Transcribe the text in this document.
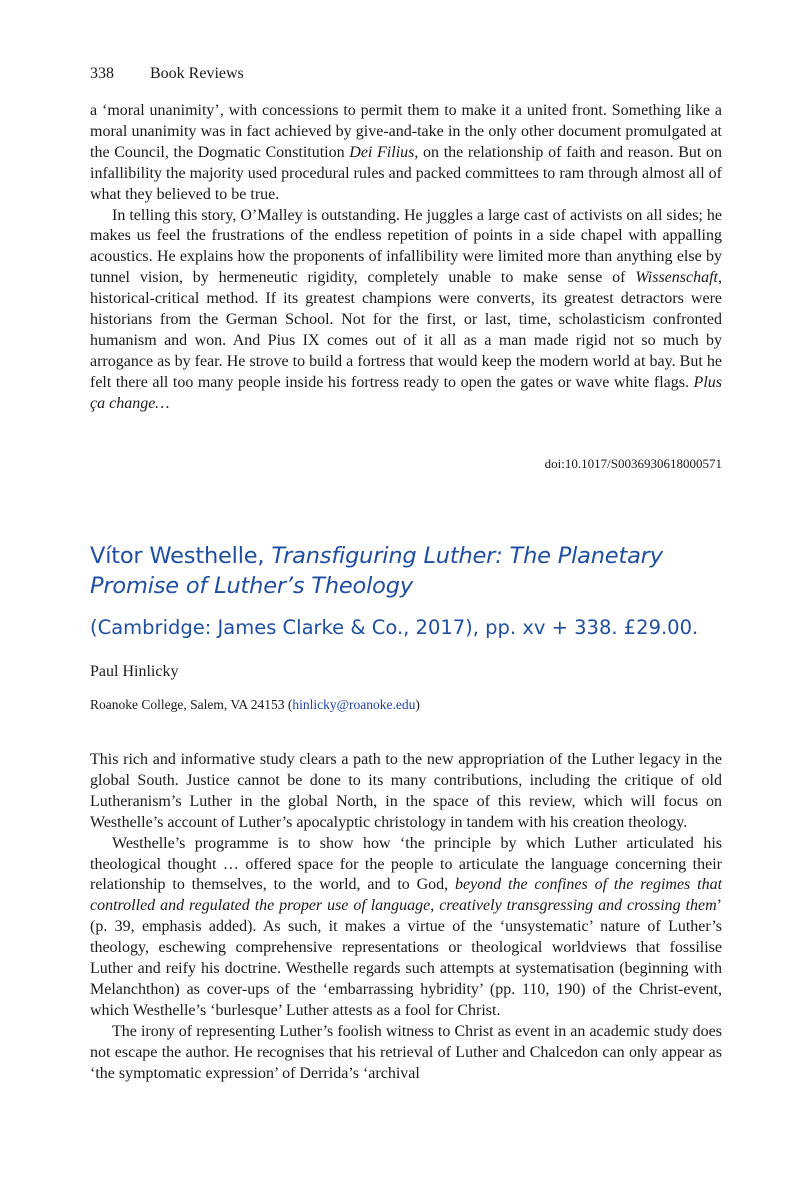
338 Book Reviews

a ‘moral unanimity’, with concessions to permit them to make it a united front. Something like a moral unanimity was in fact achieved by give-and-take in the only other document promulgated at the Council, the Dogmatic Constitution Dei Filius, on the relationship of faith and reason. But on infallibility the majority used procedural rules and packed committees to ram through almost all of what they believed to be true.

In telling this story, O’Malley is outstanding. He juggles a large cast of activists on all sides; he makes us feel the frustrations of the endless repetition of points in a side chapel with appalling acoustics. He explains how the proponents of infallibility were limited more than anything else by tunnel vision, by hermeneutic rigidity, completely unable to make sense of Wissenschaft, historical-critical method. If its greatest champions were converts, its greatest detractors were historians from the German School. Not for the first, or last, time, scholasticism confronted humanism and won. And Pius IX comes out of it all as a man made rigid not so much by arrogance as by fear. He strove to build a fortress that would keep the modern world at bay. But he felt there all too many people inside his fortress ready to open the gates or wave white flags. Plus ça change…

doi:10.1017/S0036930618000571
Vítor Westhelle, Transfiguring Luther: The Planetary Promise of Luther’s Theology
(Cambridge: James Clarke & Co., 2017), pp. xv + 338. £29.00.
Paul Hinlicky
Roanoke College, Salem, VA 24153 (hinlicky@roanoke.edu)

This rich and informative study clears a path to the new appropriation of the Luther legacy in the global South. Justice cannot be done to its many contributions, including the critique of old Lutheranism’s Luther in the global North, in the space of this review, which will focus on Westhelle’s account of Luther’s apocalyptic christology in tandem with his creation theology.

Westhelle’s programme is to show how ‘the principle by which Luther articulated his theological thought … offered space for the people to articulate the language concerning their relationship to themselves, to the world, and to God, beyond the confines of the regimes that controlled and regulated the proper use of language, creatively transgressing and crossing them’ (p. 39, emphasis added). As such, it makes a virtue of the ‘unsystematic’ nature of Luther’s theology, eschewing comprehensive representations or theological worldviews that fossilise Luther and reify his doctrine. Westhelle regards such attempts at systematisation (beginning with Melanchthon) as cover-ups of the ‘embarrassing hybridity’ (pp. 110, 190) of the Christ-event, which Westhelle’s ‘burlesque’ Luther attests as a fool for Christ.

The irony of representing Luther’s foolish witness to Christ as event in an academic study does not escape the author. He recognises that his retrieval of Luther and Chalcedon can only appear as ‘the symptomatic expression’ of Derrida’s ‘archival
